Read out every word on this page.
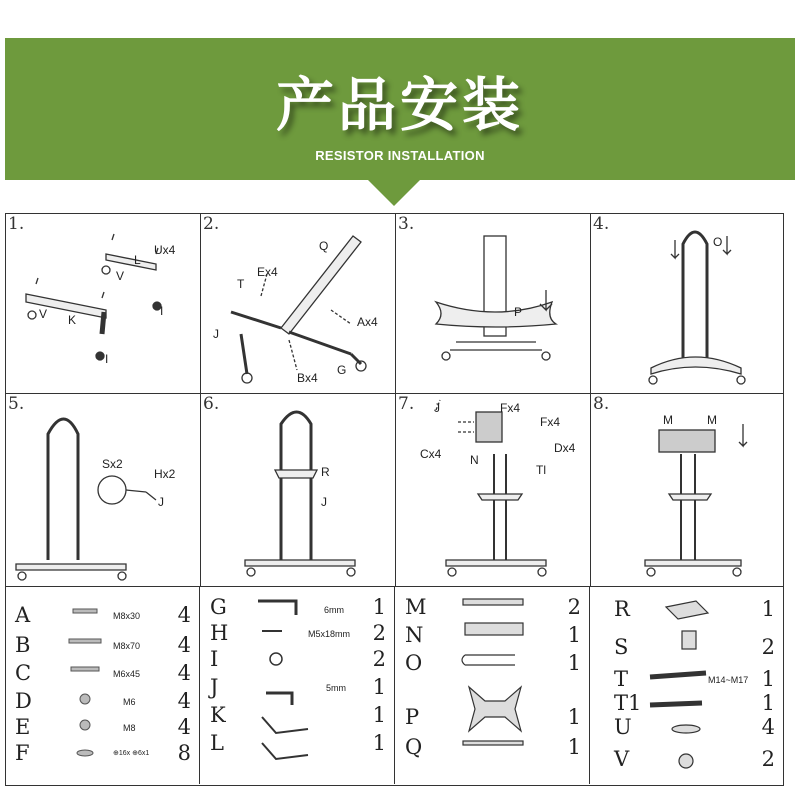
产品安装
RESISTOR INSTALLATION
1.
Ux4
L
V
K
I
V
I
2.
Q
Ex4
T
Ax4
J
G
Bx4
3.
P
4.
O
5.
Sx2
Hx2
J
6.
R
J
7. J	Fx4
Fx4
Dx4
Cx4 N
Tl
8.
M	M
A	M8x30 4
B	M8x70 4
C	M6x45 4
D	M6 4
E	M8 4
F	⊕16x ⊕6x1 8
G	6mm 1
H	M5x18mm 2
I	2
J	5mm 1
K	1
L	1
M	2
N	1
O	1
P	1
Q	1
R	1
S	2
T	M14~M17 1
T1	1
U	4
V	2
